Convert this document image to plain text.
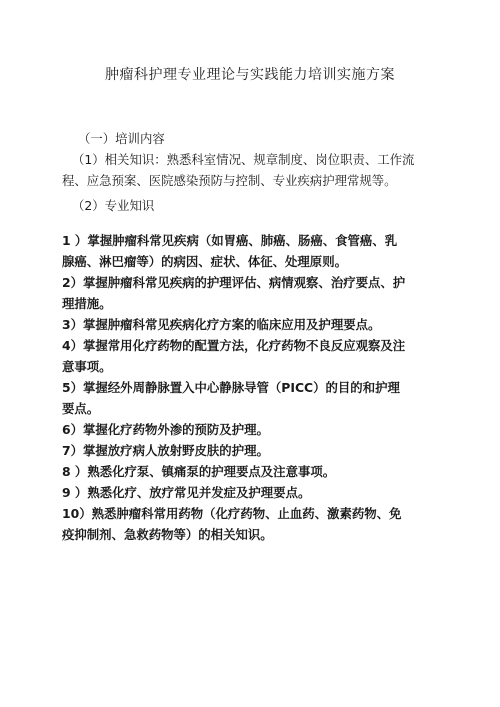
肿瘤科护理专业理论与实践能力培训实施方案
（一）培训内容
（1）相关知识：熟悉科室情况、规章制度、岗位职责、工作流
程、应急预案、医院感染预防与控制、专业疾病护理常规等。
（2）专业知识
1 ）掌握肿瘤科常见疾病（如胃癌、肺癌、肠癌、食管癌、乳
腺癌、淋巴瘤等）的病因、症状、体征、处理原则。
2）掌握肿瘤科常见疾病的护理评估、病情观察、治疗要点、护
理措施。
3）掌握肿瘤科常见疾病化疗方案的临床应用及护理要点。
4）掌握常用化疗药物的配置方法，化疗药物不良反应观察及注
意事项。
5）掌握经外周静脉置入中心静脉导管（PICC）的目的和护理
要点。
6）掌握化疗药物外渗的预防及护理。
7）掌握放疗病人放射野皮肤的护理。
8 ）熟悉化疗泵、镇痛泵的护理要点及注意事项。
9 ）熟悉化疗、放疗常见并发症及护理要点。
10）熟悉肿瘤科常用药物（化疗药物、止血药、激素药物、免
疫抑制剂、急救药物等）的相关知识。
